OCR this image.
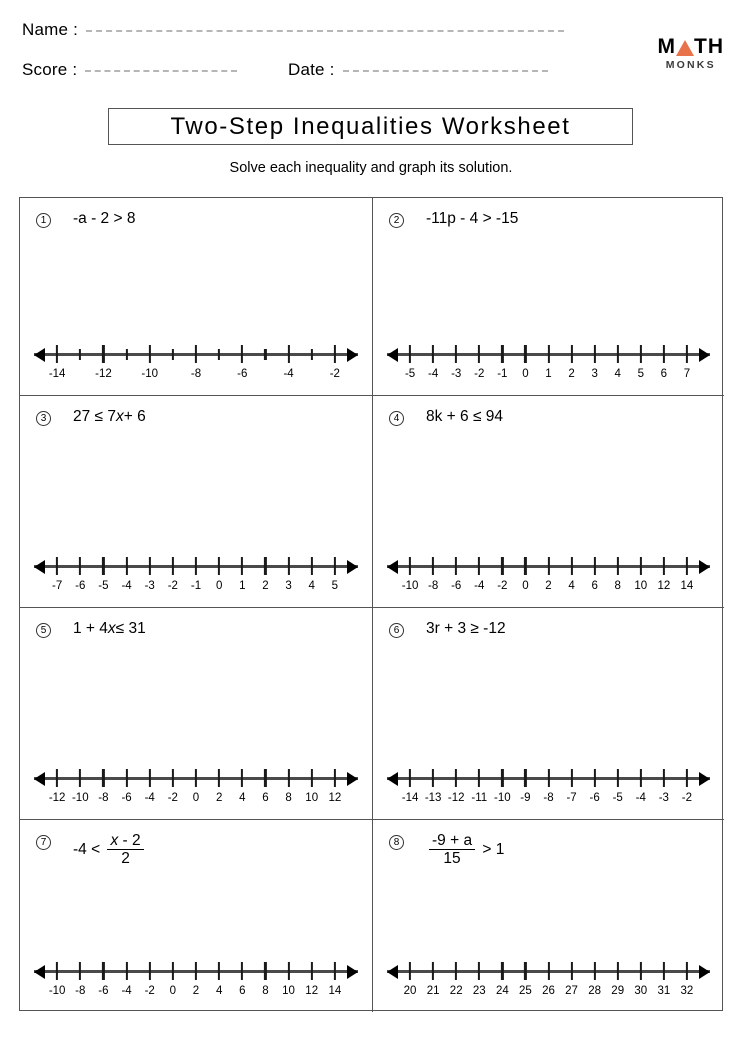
Name :
Score :	Date :
M TH
MONKS
Two-Step Inequalities Worksheet
Solve each inequality and graph its solution.
1	-a - 2 > 8
-14	-12	-10	-8	-6	-4	-2
2	-11p - 4 > -15
-5 -4 -3 -2 -1 0 1 2 3 4 5 6 7
3	27 ≤ 7 x + 6
-7 -6 -5 -4 -3 -2 -1 0 1 2 3 4 5
4	8k + 6 ≤ 94
-10 -8 -6 -4 -2 0 2 4 6 8 10 12 14
5	1 + 4 x ≤ 31
-12 -10 -8 -6 -4 -2 0 2 4 6 8 10 12
6	3r + 3 ≥ -12
-14 -13 -12 -11 -10 -9 -8 -7 -6 -5 -4 -3 -2
7	$-4 < \frac{x - 2}{2}$
-10 -8 -6 -4 -2 0 2 4 6 8 10 12 14
8	$\frac{-9 + a}{15} > 1$
20 21 22 23 24 25 26 27 28 29 30 31 32
